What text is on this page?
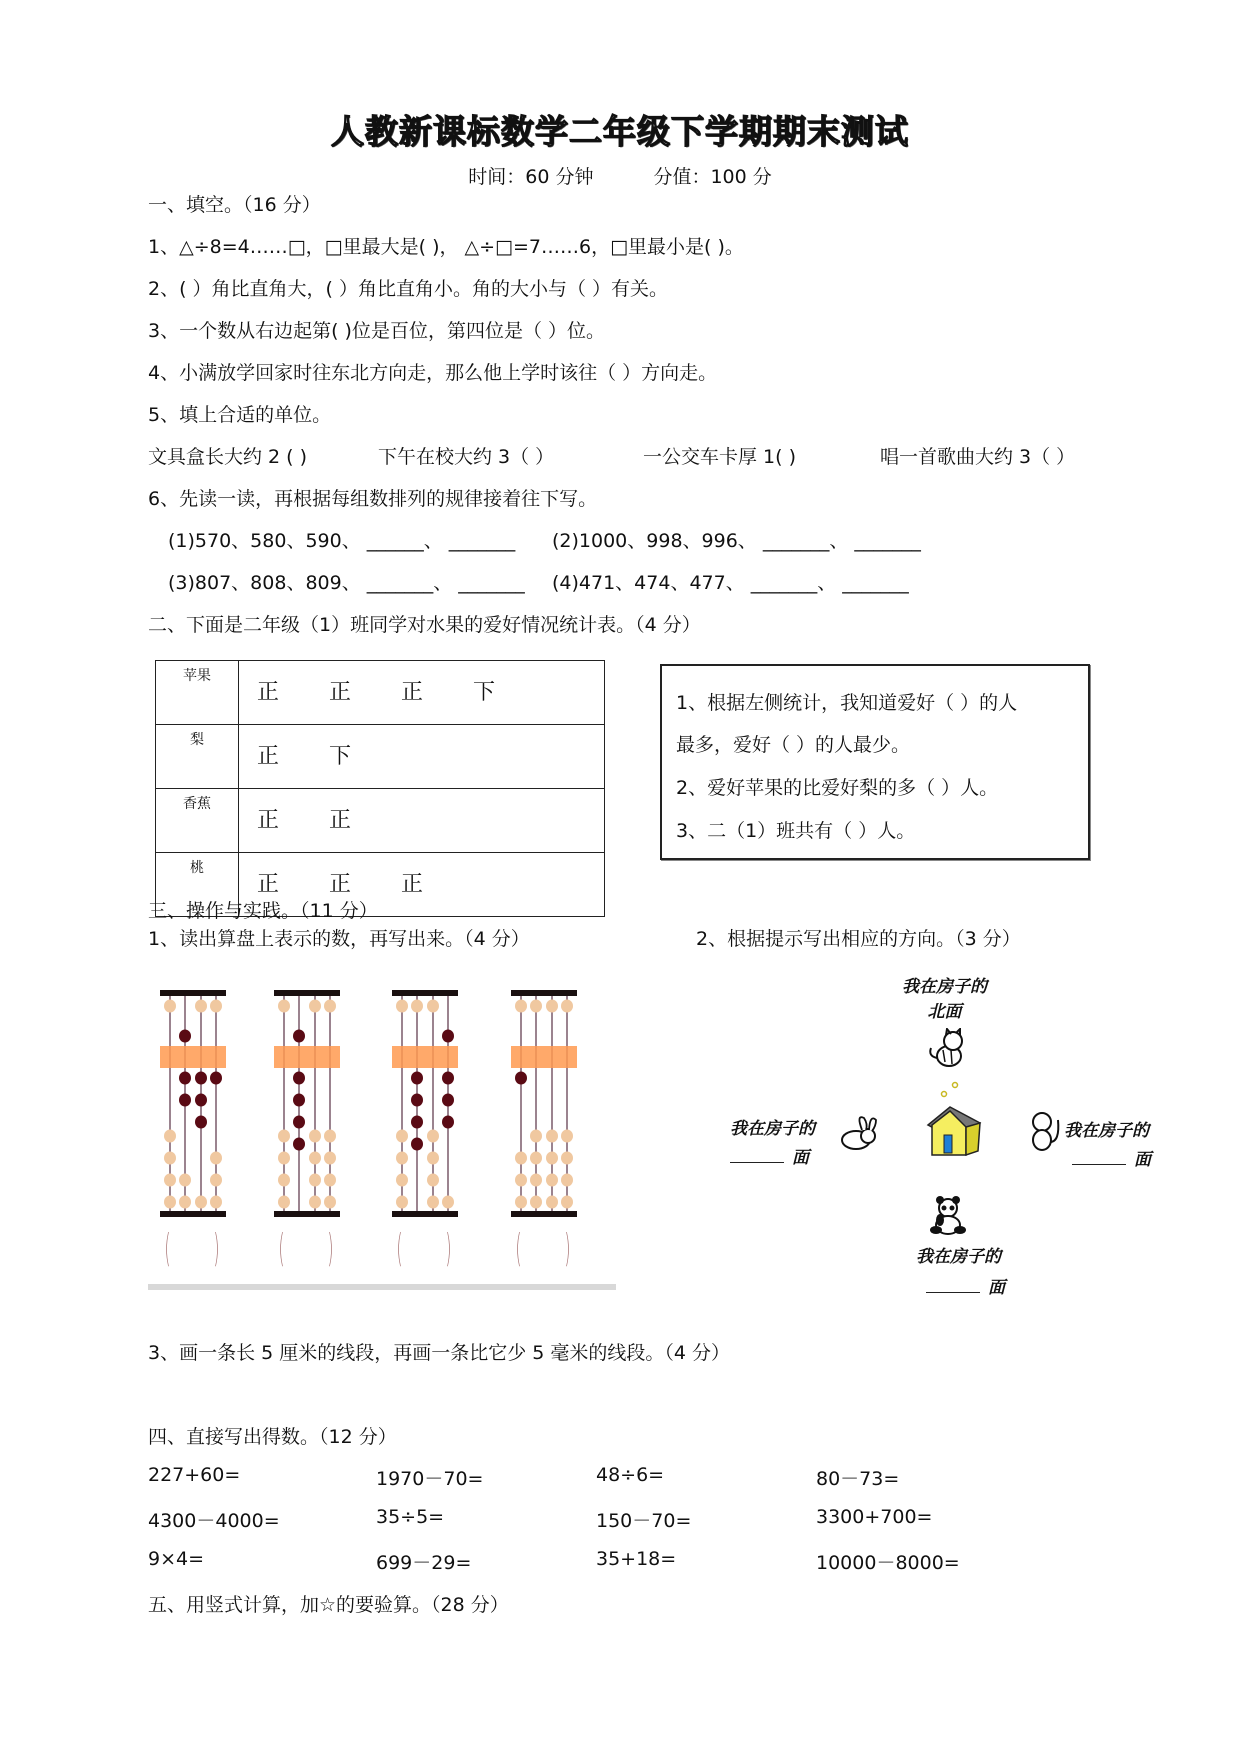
人教新课标数学二年级下学期期末测试
时间：60 分钟	分值：100 分
一、填空。（16 分）
1、△÷8=4……□，□里最大是( )， △÷□=7……6，□里最小是( )。
2、( ）角比直角大，( ）角比直角小。角的大小与（ ）有关。
3、一个数从右边起第( )位是百位，第四位是（ ）位。
4、小满放学回家时往东北方向走，那么他上学时该往（ ）方向走。
5、填上合适的单位。
文具盒长大约 2 ( )	下午在校大约 3（ ）	一公交车卡厚 1( )	唱一首歌曲大约 3（ ）
6、先读一读，再根据每组数排列的规律接着往下写。
(1)570、580、590、 ______、 _______ (2)1000、998、996、 _______、 _______
(3)807、808、809、 _______、 _______ (4)471、474、477、 _______、 _______
二、下面是二年级（1）班同学对水果的爱好情况统计表。（4 分）
苹果	正 正 正 下
梨	正 下
香蕉	正 正
桃	正 正 正
1、根据左侧统计，我知道爱好（ ）的人
最多，爱好（ ）的人最少。
2、爱好苹果的比爱好梨的多（ ）人。
3、二（1）班共有（ ）人。
三、操作与实践。（11 分）
1、读出算盘上表示的数，再写出来。（4 分）	2、根据提示写出相应的方向。（3 分）
( ) ( ) ( ) ( )
我在房子的
北面
我在房子的
面
我在房子的
面
我在房子的
面
3、画一条长 5 厘米的线段，再画一条比它少 5 毫米的线段。（4 分）
四、直接写出得数。（12 分）
227+60=	1970－70=	48÷6=	80－73=
4300－4000=	35÷5=	150－70=	3300+700=
9×4=	699－29=	35+18=	10000－8000=
五、用竖式计算，加☆的要验算。（28 分）
